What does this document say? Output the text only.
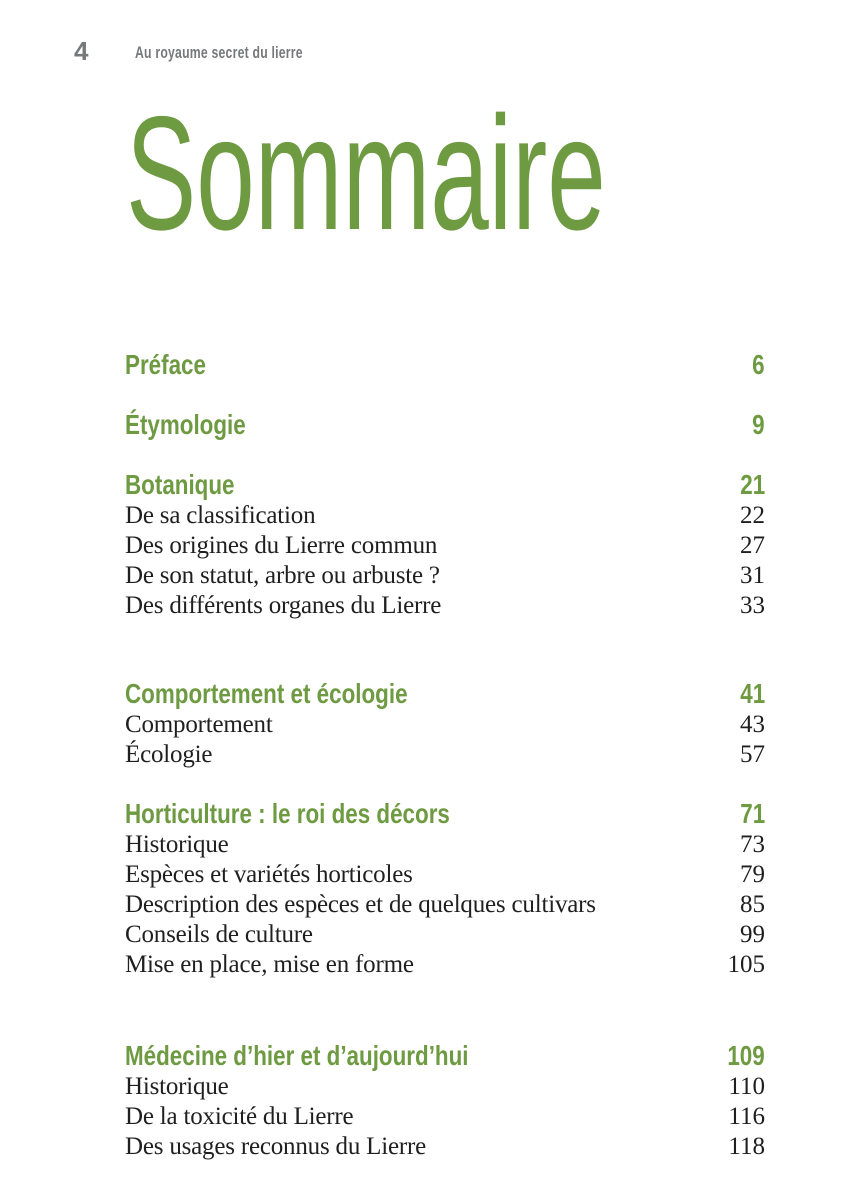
4	Au royaume secret du lierre
Sommaire
Préface	6
Étymologie	9
Botanique	21
De sa classification	22
Des origines du Lierre commun	27
De son statut, arbre ou arbuste ?	31
Des différents organes du Lierre	33
Comportement et écologie	41
Comportement	43
Écologie	57
Horticulture : le roi des décors	71
Historique	73
Espèces et variétés horticoles	79
Description des espèces et de quelques cultivars	85
Conseils de culture	99
Mise en place, mise en forme	105
Médecine d’hier et d’aujourd’hui	109
Historique	110
De la toxicité du Lierre	116
Des usages reconnus du Lierre	118
